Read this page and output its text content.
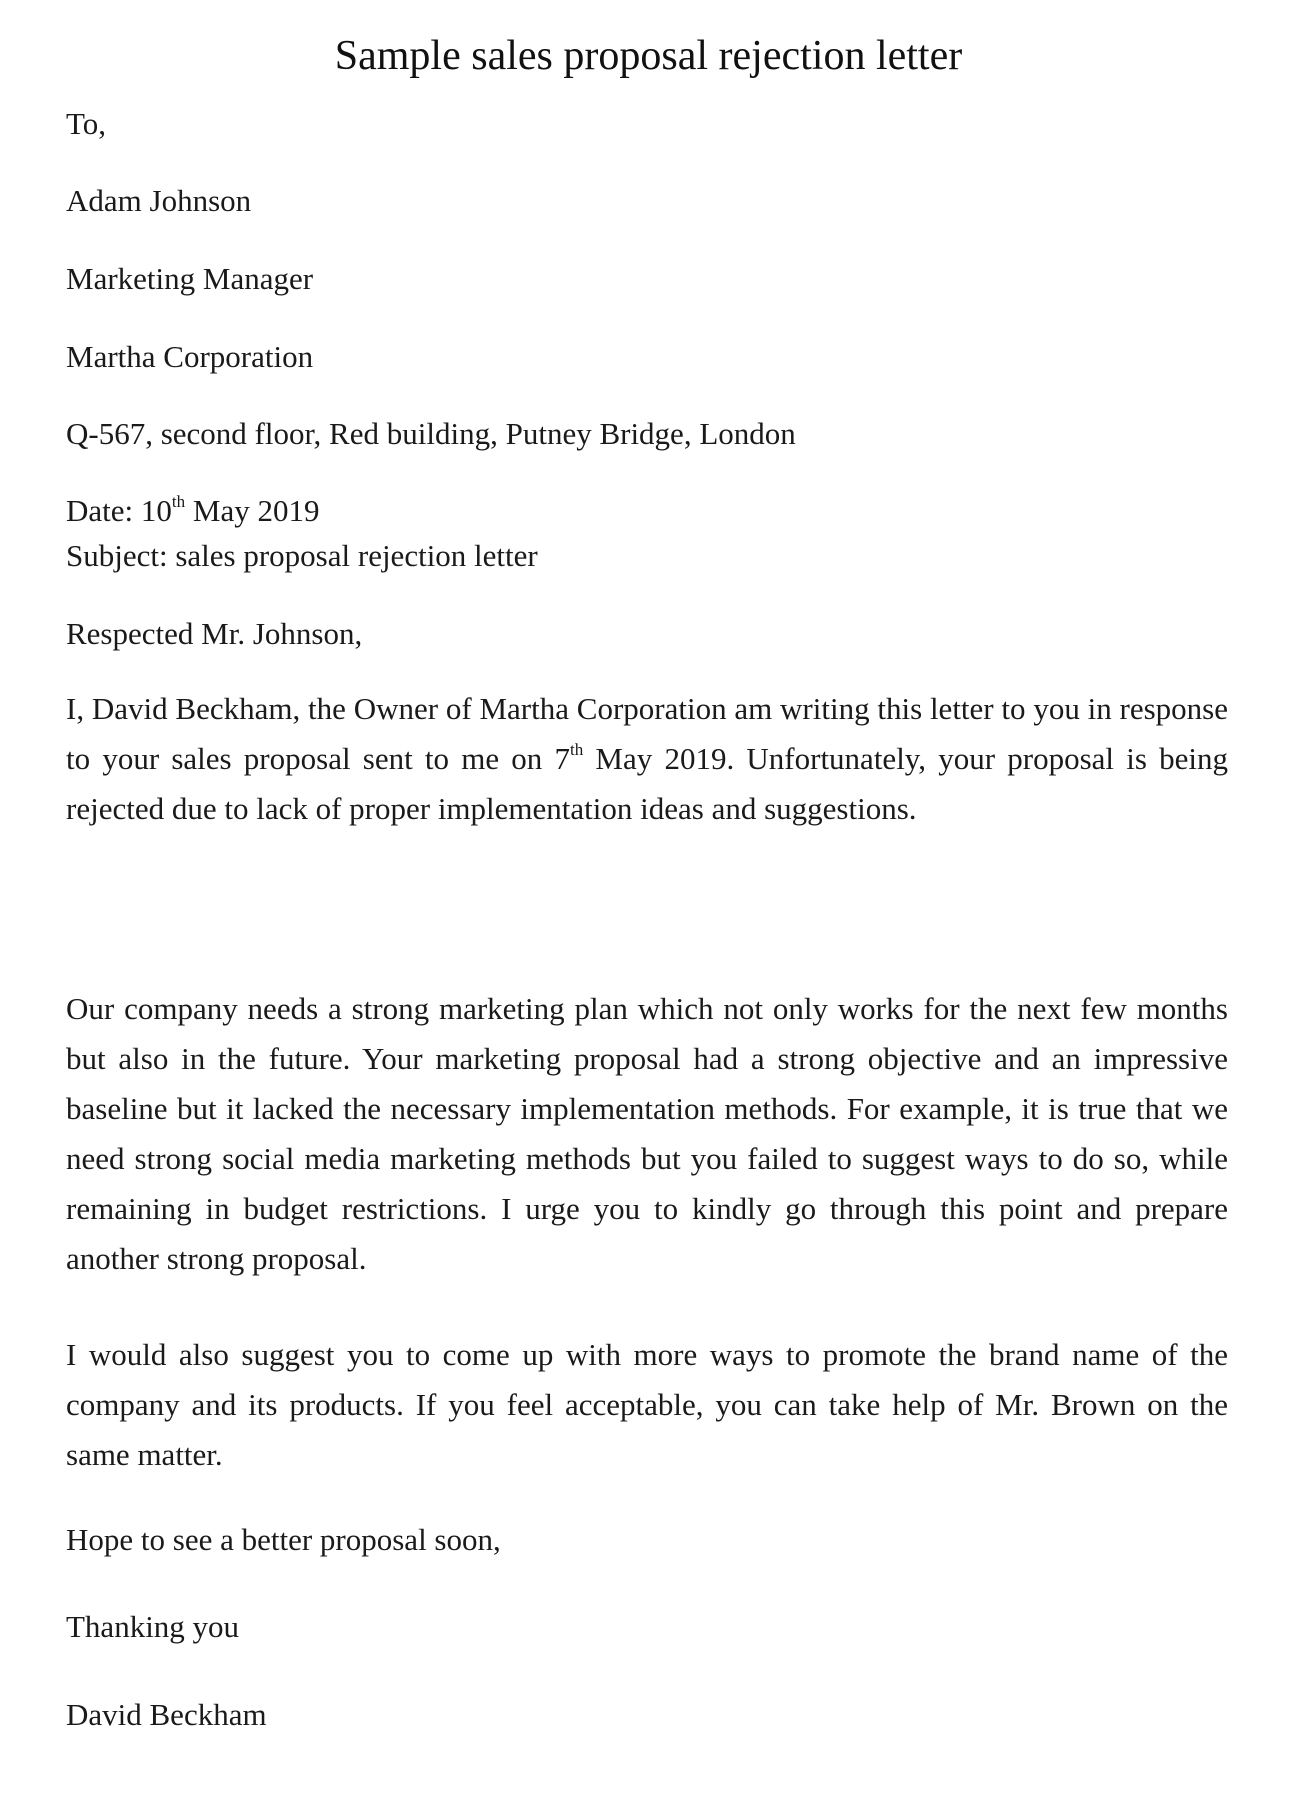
Sample sales proposal rejection letter
To,
Adam Johnson
Marketing Manager
Martha Corporation
Q-567, second floor, Red building, Putney Bridge, London
Date: 10th May 2019
Subject: sales proposal rejection letter
Respected Mr. Johnson,
I, David Beckham, the Owner of Martha Corporation am writing this letter to you in response to your sales proposal sent to me on 7th May 2019. Unfortunately, your proposal is being rejected due to lack of proper implementation ideas and suggestions.
Our company needs a strong marketing plan which not only works for the next few months but also in the future. Your marketing proposal had a strong objective and an impressive baseline but it lacked the necessary implementation methods. For example, it is true that we need strong social media marketing methods but you failed to suggest ways to do so, while remaining in budget restrictions. I urge you to kindly go through this point and prepare another strong proposal.
I would also suggest you to come up with more ways to promote the brand name of the company and its products. If you feel acceptable, you can take help of Mr. Brown on the same matter.
Hope to see a better proposal soon,
Thanking you
David Beckham
